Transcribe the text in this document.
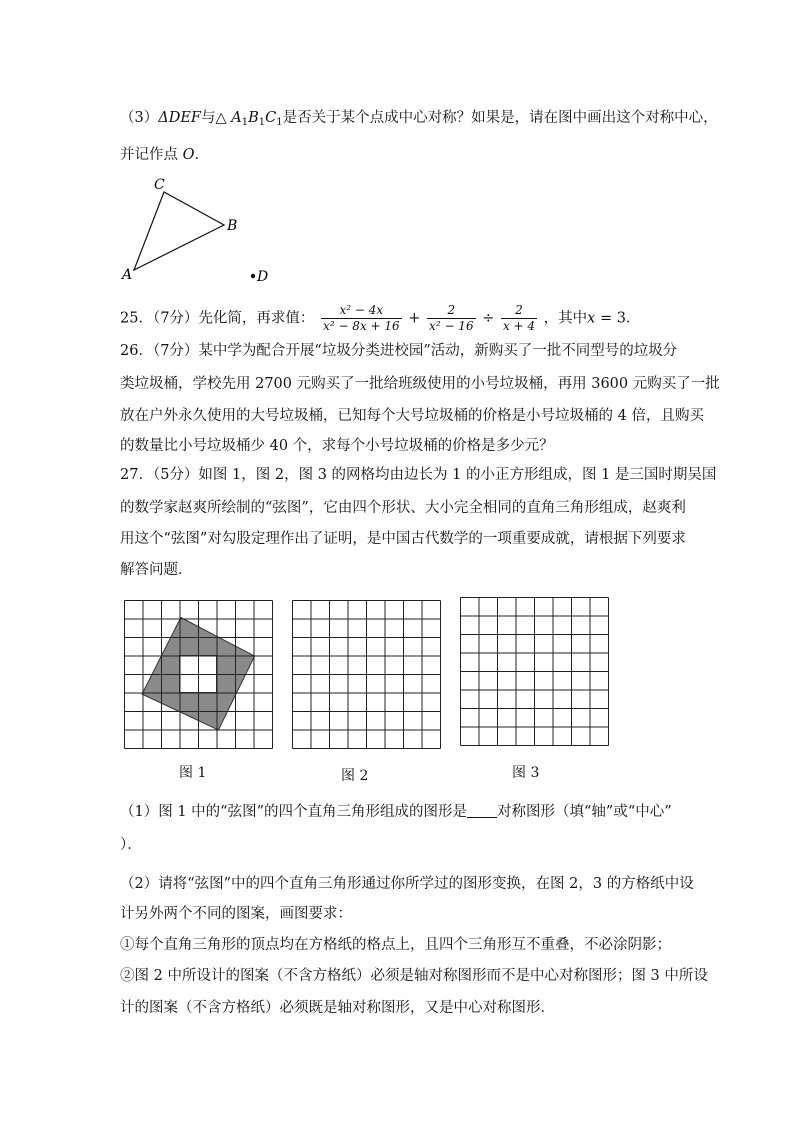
（3）ΔDEF与△ $A_1B_1C_1$是否关于某个点成中心对称？如果是，请在图中画出这个对称中心，
并记作点 O．
C
B
A	D
25．（7分）先化简，再求值： $\frac{\text{x² − 4x}}{\text{x² − 8x + 16}} + \frac{2}{\text{x² − 16}} \div \frac{2}{x + 4}$ ，其中x = 3．
26．（7分）某中学为配合开展“垃圾分类进校园”活动，新购买了一批不同型号的垃圾分
类垃圾桶，学校先用 2700 元购买了一批给班级使用的小号垃圾桶，再用 3600 元购买了一批
放在户外永久使用的大号垃圾桶，已知每个大号垃圾桶的价格是小号垃圾桶的 4 倍，且购买
的数量比小号垃圾桶少 40 个，求每个小号垃圾桶的价格是多少元？
27．（5分）如图 1，图 2，图 3 的网格均由边长为 1 的小正方形组成，图 1 是三国时期吴国
的数学家赵爽所绘制的“弦图”，它由四个形状、大小完全相同的直角三角形组成，赵爽利
用这个“弦图”对勾股定理作出了证明，是中国古代数学的一项重要成就，请根据下列要求
解答问题．
图 1	图 2	图 3
（1）图 1 中的“弦图”的四个直角三角形组成的图形是 对称图形（填“轴”或“中心”
）．
（2）请将“弦图”中的四个直角三角形通过你所学过的图形变换，在图 2，3 的方格纸中设
计另外两个不同的图案，画图要求：
①每个直角三角形的顶点均在方格纸的格点上，且四个三角形互不重叠，不必涂阴影；
②图 2 中所设计的图案（不含方格纸）必须是轴对称图形而不是中心对称图形；图 3 中所设
计的图案（不含方格纸）必须既是轴对称图形，又是中心对称图形．
